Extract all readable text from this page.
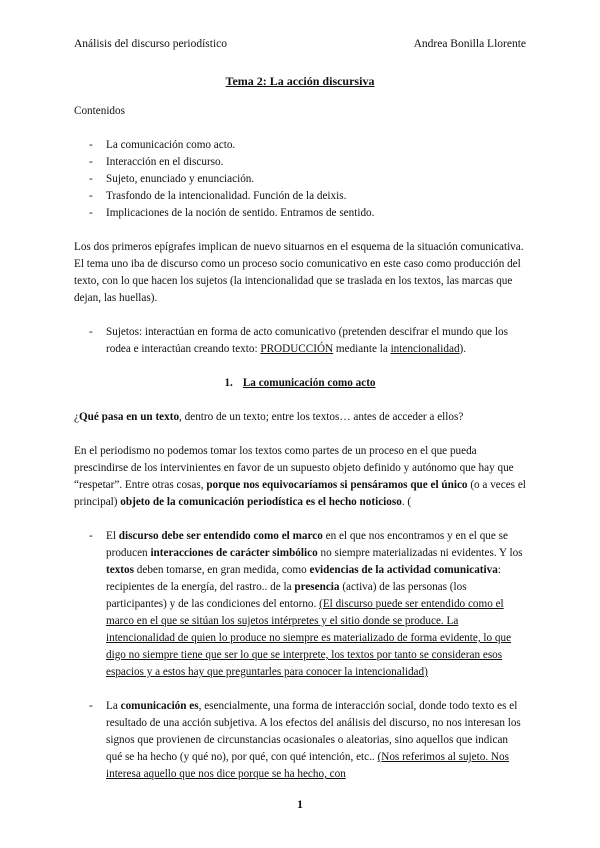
Análisis del discurso periodístico	Andrea Bonilla Llorente
Tema 2: La acción discursiva

Contenidos

- La comunicación como acto.
- Interacción en el discurso.
- Sujeto, enunciado y enunciación.
- Trasfondo de la intencionalidad. Función de la deixis.
- Implicaciones de la noción de sentido. Entramos de sentido.

Los dos primeros epígrafes implican de nuevo situarnos en el esquema de la situación comunicativa. El tema uno iba de discurso como un proceso socio comunicativo en este caso como producción del texto, con lo que hacen los sujetos (la intencionalidad que se traslada en los textos, las marcas que dejan, las huellas).

- Sujetos: interactúan en forma de acto comunicativo (pretenden descifrar el mundo que los rodea e interactúan creando texto: PRODUCCIÓN mediante la intencionalidad).

1. La comunicación como acto

¿Qué pasa en un texto, dentro de un texto; entre los textos… antes de acceder a ellos?

En el periodismo no podemos tomar los textos como partes de un proceso en el que pueda prescindirse de los intervinientes en favor de un supuesto objeto definido y autónomo que hay que “respetar”. Entre otras cosas, porque nos equivocaríamos si pensáramos que el único (o a veces el principal) objeto de la comunicación periodística es el hecho noticioso. (

- El discurso debe ser entendido como el marco en el que nos encontramos y en el que se producen interacciones de carácter simbólico no siempre materializadas ni evidentes. Y los textos deben tomarse, en gran medida, como evidencias de la actividad comunicativa: recipientes de la energía, del rastro.. de la presencia (activa) de las personas (los participantes) y de las condiciones del entorno. (El discurso puede ser entendido como el marco en el que se sitúan los sujetos intérpretes y el sitio donde se produce. La intencionalidad de quien lo produce no siempre es materializado de forma evidente, lo que digo no siempre tiene que ser lo que se interprete, los textos por tanto se consideran esos espacios y a estos hay que preguntarles para conocer la intencionalidad)
- La comunicación es, esencialmente, una forma de interacción social, donde todo texto es el resultado de una acción subjetiva. A los efectos del análisis del discurso, no nos interesan los signos que provienen de circunstancias ocasionales o aleatorias, sino aquellos que indican qué se ha hecho (y qué no), por qué, con qué intención, etc.. (Nos referimos al sujeto. Nos interesa aquello que nos dice porque se ha hecho, con
1
